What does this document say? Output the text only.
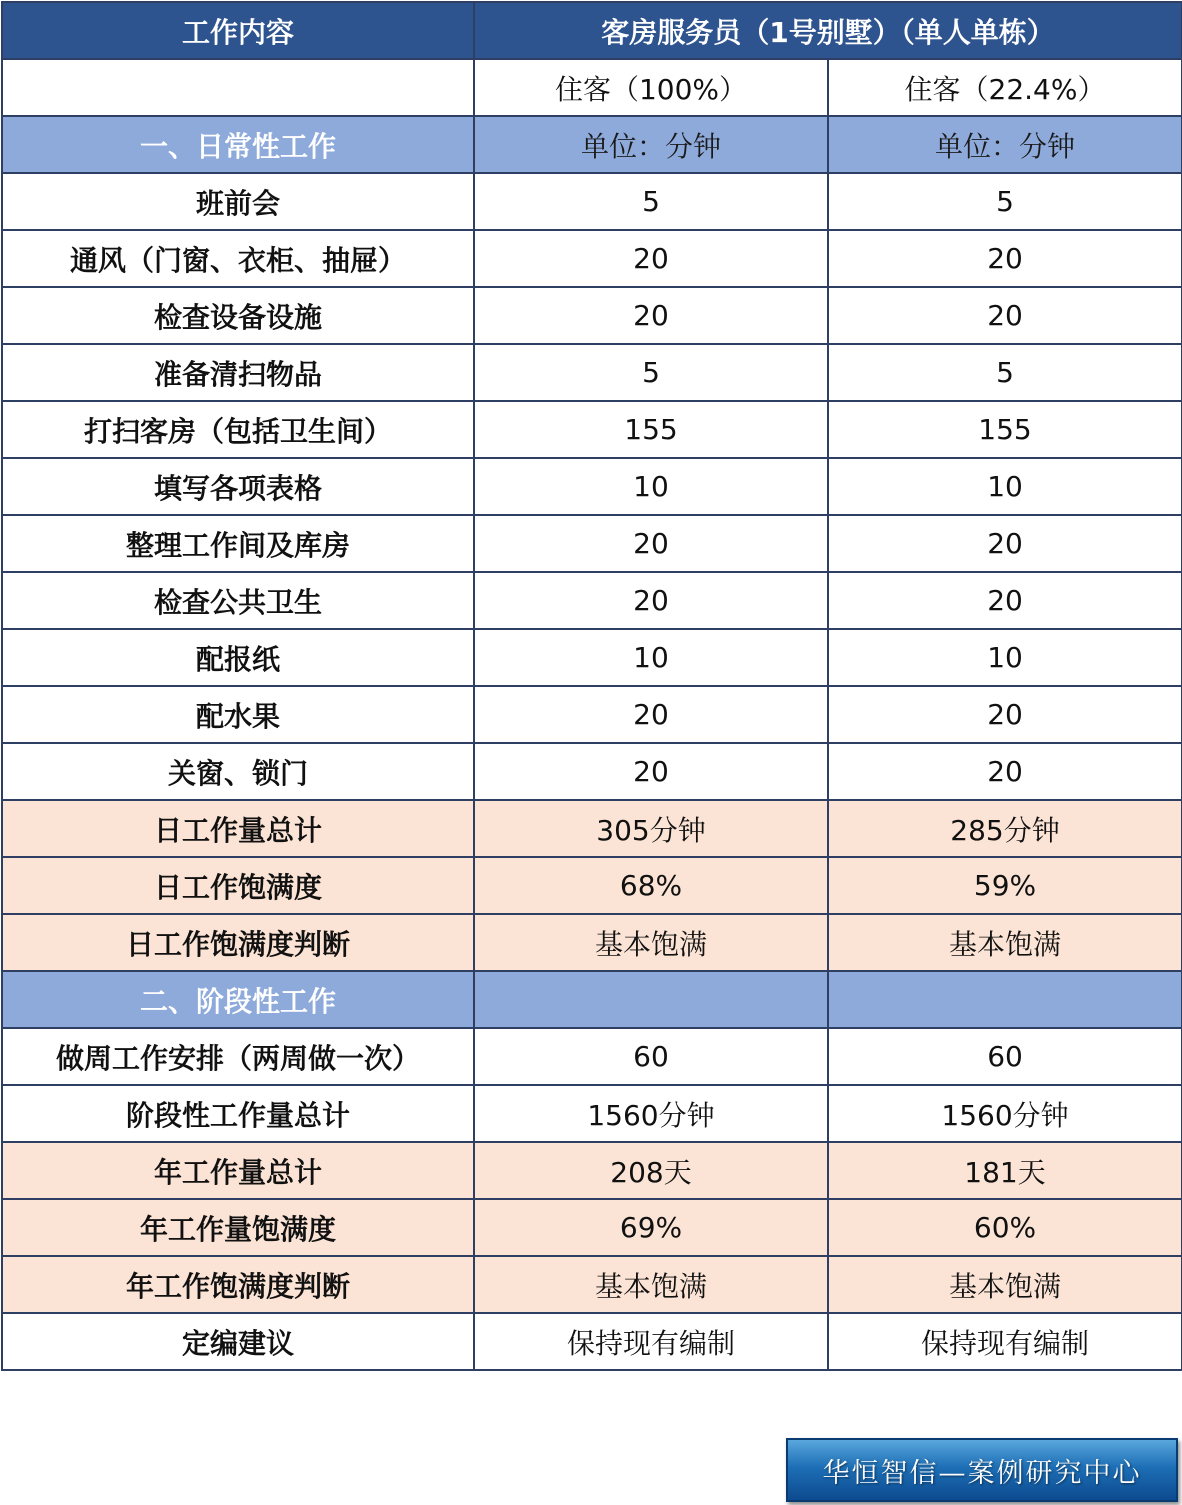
工作内容	客房服务员（1号别墅）（单人单栋）	
	住客（100%）	住客（22.4%）
一、日常性工作	单位：分钟	单位：分钟
班前会	5	5
通风（门窗、衣柜、抽屉）	20	20
检查设备设施	20	20
准备清扫物品	5	5
打扫客房（包括卫生间）	155	155
填写各项表格	10	10
整理工作间及库房	20	20
检查公共卫生	20	20
配报纸	10	10
配水果	20	20
关窗、锁门	20	20
日工作量总计	305分钟	285分钟
日工作饱满度	68%	59%
日工作饱满度判断	基本饱满	基本饱满
二、阶段性工作		
做周工作安排（两周做一次）	60	60
阶段性工作量总计	1560分钟	1560分钟
年工作量总计	208天	181天
年工作量饱满度	69%	60%
年工作饱满度判断	基本饱满	基本饱满
定编建议	保持现有编制	保持现有编制
华恒智信—案例研究中心
